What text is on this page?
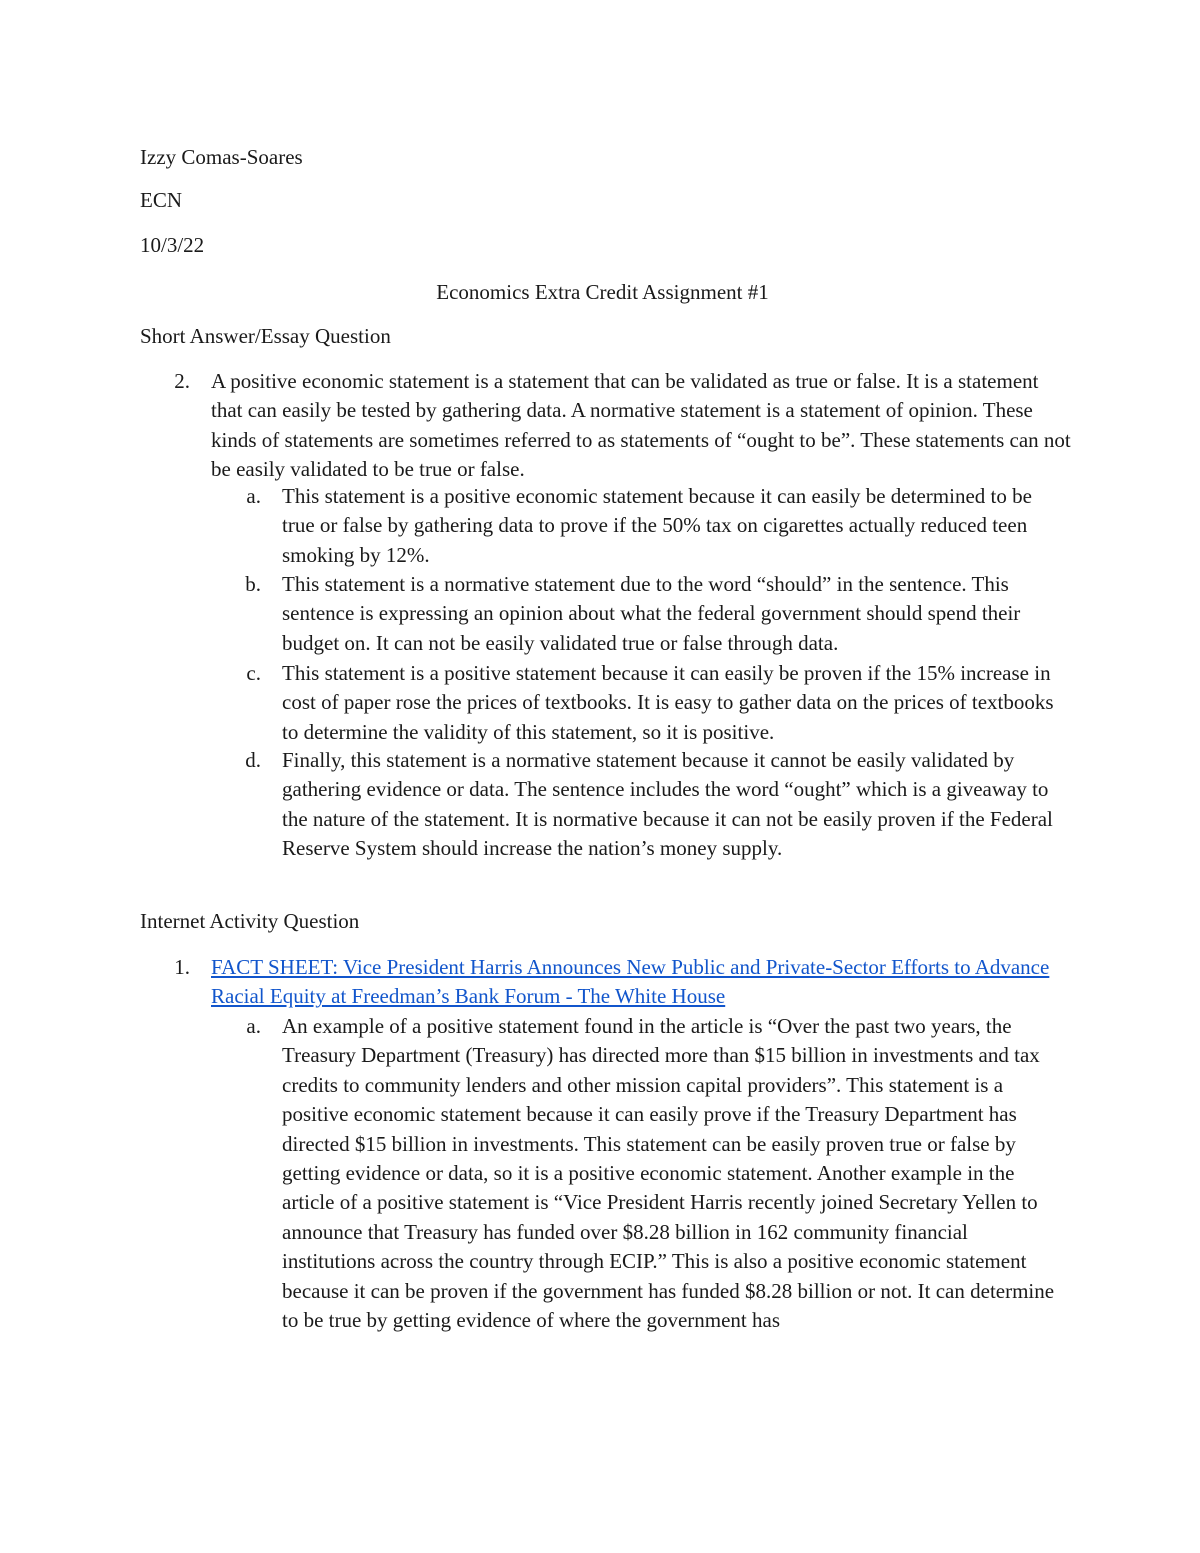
Izzy Comas-Soares
ECN
10/3/22
Economics Extra Credit Assignment #1
Short Answer/Essay Question
2. A positive economic statement is a statement that can be validated as true or false. It is a statement that can easily be tested by gathering data. A normative statement is a statement of opinion. These kinds of statements are sometimes referred to as statements of “ought to be”. These statements can not be easily validated to be true or false.
a. This statement is a positive economic statement because it can easily be determined to be true or false by gathering data to prove if the 50% tax on cigarettes actually reduced teen smoking by 12%.
b. This statement is a normative statement due to the word “should” in the sentence. This sentence is expressing an opinion about what the federal government should spend their budget on. It can not be easily validated true or false through data.
c. This statement is a positive statement because it can easily be proven if the 15% increase in cost of paper rose the prices of textbooks. It is easy to gather data on the prices of textbooks to determine the validity of this statement, so it is positive.
d. Finally, this statement is a normative statement because it cannot be easily validated by gathering evidence or data. The sentence includes the word “ought” which is a giveaway to the nature of the statement. It is normative because it can not be easily proven if the Federal Reserve System should increase the nation’s money supply.
Internet Activity Question
1. FACT SHEET: Vice President Harris Announces New Public and Private-Sector Efforts to Advance Racial Equity at Freedman’s Bank Forum - The White House
a. An example of a positive statement found in the article is “Over the past two years, the Treasury Department (Treasury) has directed more than $15 billion in investments and tax credits to community lenders and other mission capital providers”. This statement is a positive economic statement because it can easily prove if the Treasury Department has directed $15 billion in investments. This statement can be easily proven true or false by getting evidence or data, so it is a positive economic statement. Another example in the article of a positive statement is “Vice President Harris recently joined Secretary Yellen to announce that Treasury has funded over $8.28 billion in 162 community financial institutions across the country through ECIP.” This is also a positive economic statement because it can be proven if the government has funded $8.28 billion or not. It can determine to be true by getting evidence of where the government has
